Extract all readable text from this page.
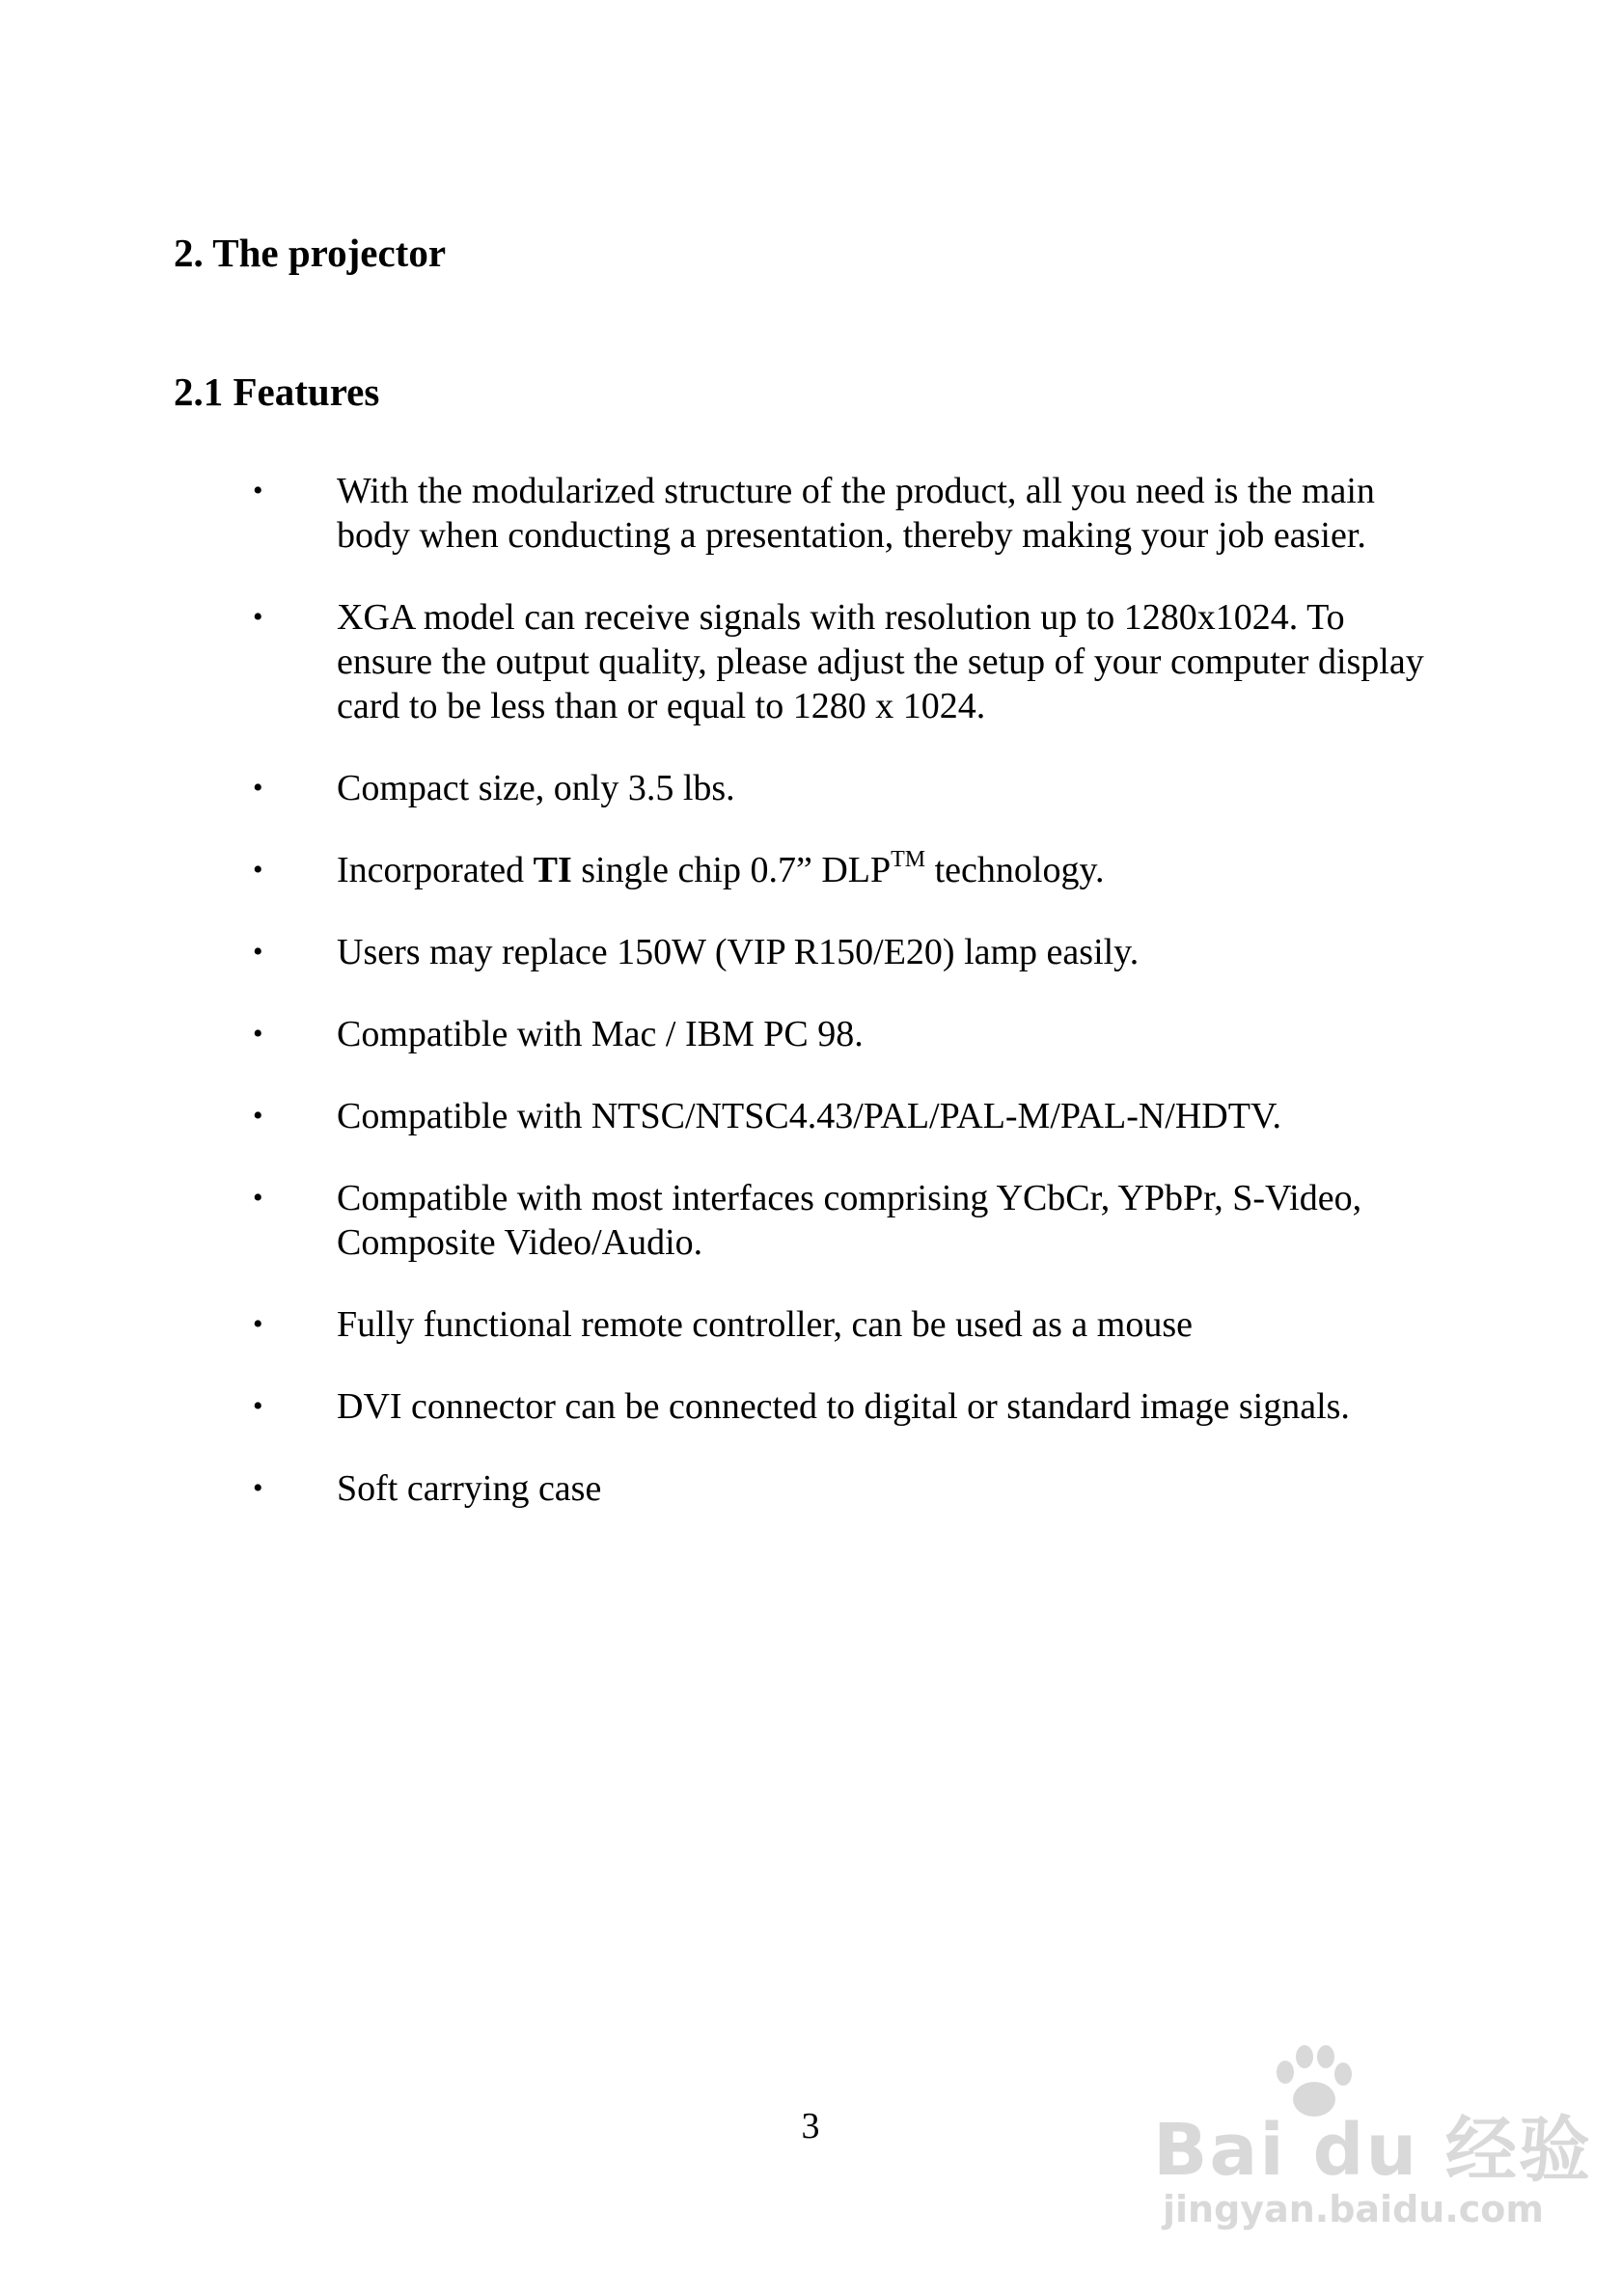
2. The projector
2.1 Features
• With the modularized structure of the product, all you need is the main body when conducting a presentation, thereby making your job easier.
• XGA model can receive signals with resolution up to 1280x1024. To ensure the output quality, please adjust the setup of your computer display card to be less than or equal to 1280 x 1024.
• Compact size, only 3.5 lbs.
• Incorporated TI single chip 0.7” DLP™ technology.
• Users may replace 150W (VIP R150/E20) lamp easily.
• Compatible with Mac / IBM PC 98.
• Compatible with NTSC/NTSC4.43/PAL/PAL-M/PAL-N/HDTV.
• Compatible with most interfaces comprising YCbCr, YPbPr, S-Video, Composite Video/Audio.
• Fully functional remote controller, can be used as a mouse
• DVI connector can be connected to digital or standard image signals.
• Soft carrying case
3	Bai du 经验
jingyan.baidu.com
